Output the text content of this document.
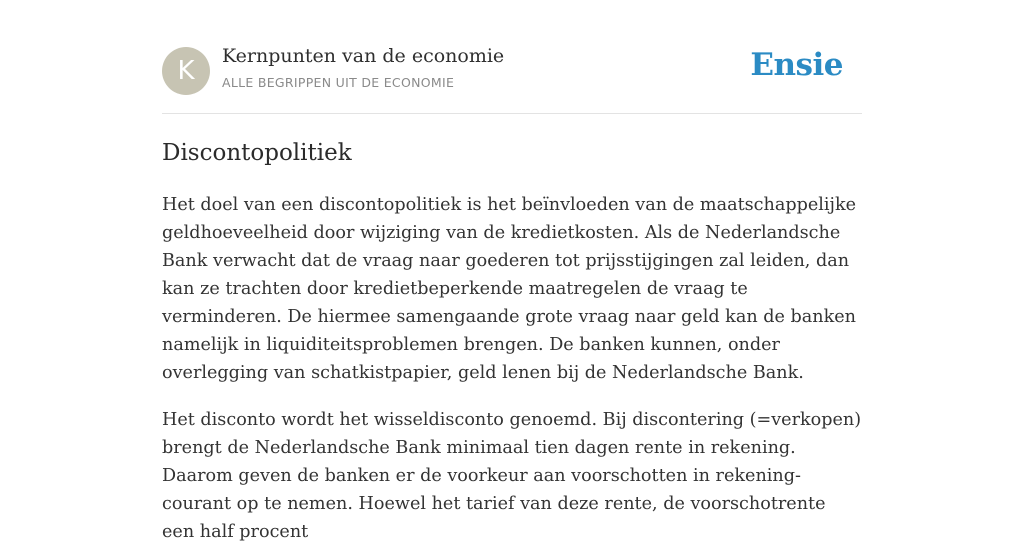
K	Kernpunten van de economie
ALLE BEGRIPPEN UIT DE ECONOMIE	Ensie
Discontopolitiek

Het doel van een discontopolitiek is het beïnvloeden van de maatschappelijke geldhoeveelheid door wijziging van de kredietkosten. Als de Nederlandsche Bank verwacht dat de vraag naar goederen tot prijsstijgingen zal leiden, dan kan ze trachten door kredietbeperkende maatregelen de vraag te verminderen. De hiermee samengaande grote vraag naar geld kan de banken namelijk in liquiditeitsproblemen brengen. De banken kunnen, onder overlegging van schatkistpapier, geld lenen bij de Nederlandsche Bank.

Het disconto wordt het wisseldisconto genoemd. Bij discontering (=verkopen) brengt de Nederlandsche Bank minimaal tien dagen rente in rekening. Daarom geven de banken er de voorkeur aan voorschotten in rekening-courant op te nemen. Hoewel het tarief van deze rente, de voorschotrente een half procent
